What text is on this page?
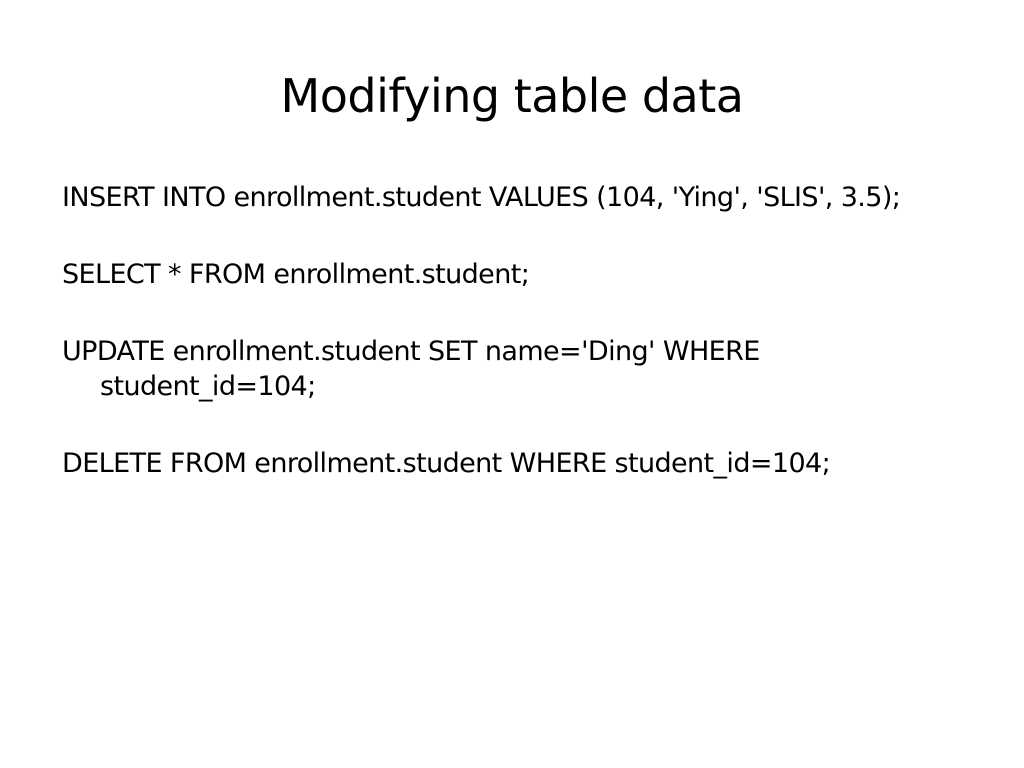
Modifying table data
INSERT INTO enrollment.student VALUES (104, 'Ying', 'SLIS', 3.5);
SELECT * FROM enrollment.student;
UPDATE enrollment.student SET name='Ding' WHERE student_id=104;
DELETE FROM enrollment.student WHERE student_id=104;
